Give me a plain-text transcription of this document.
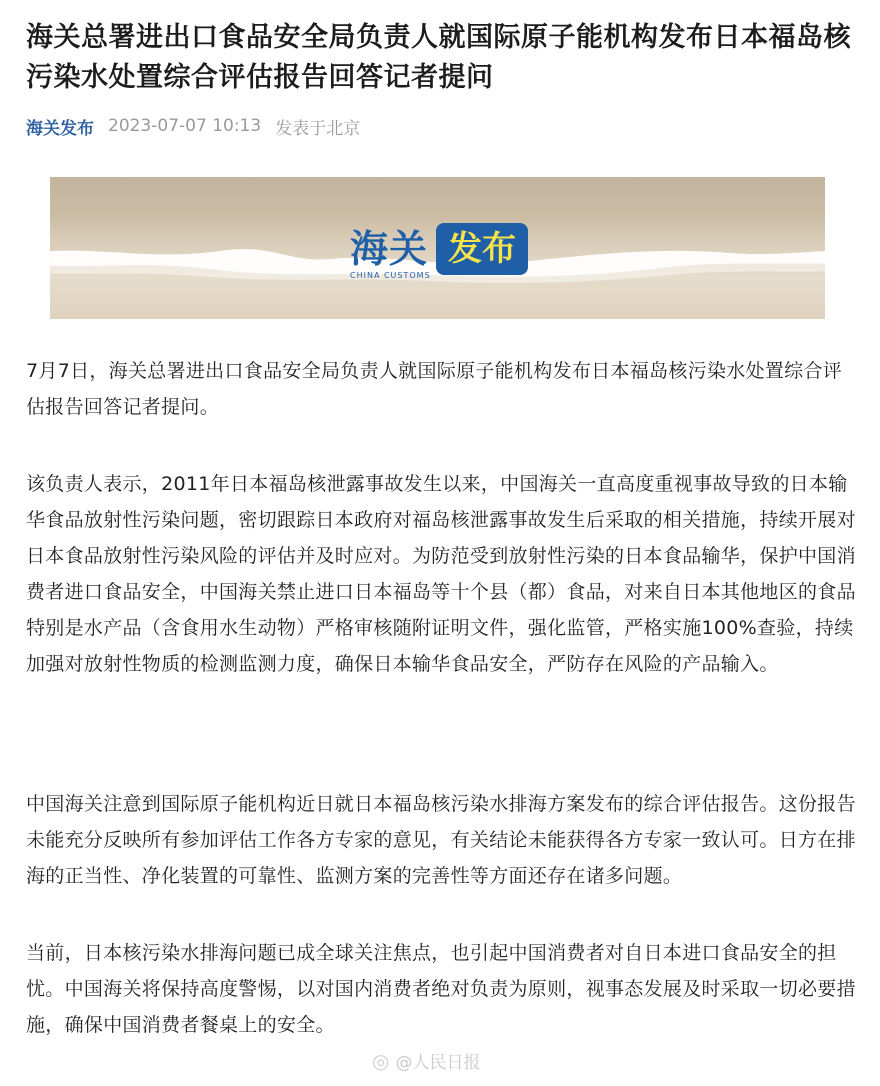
海关总署进出口食品安全局负责人就国际原子能机构发布日本福岛核污染水处置综合评估报告回答记者提问
海关发布 2023-07-07 10:13 发表于北京
海关 发布
CHINA CUSTOMS
7月7日，海关总署进出口食品安全局负责人就国际原子能机构发布日本福岛核污染水处置综合评估报告回答记者提问。
该负责人表示，2011年日本福岛核泄露事故发生以来，中国海关一直高度重视事故导致的日本输华食品放射性污染问题，密切跟踪日本政府对福岛核泄露事故发生后采取的相关措施，持续开展对日本食品放射性污染风险的评估并及时应对。为防范受到放射性污染的日本食品输华，保护中国消费者进口食品安全，中国海关禁止进口日本福岛等十个县（都）食品，对来自日本其他地区的食品特别是水产品（含食用水生动物）严格审核随附证明文件，强化监管，严格实施100%查验，持续加强对放射性物质的检测监测力度，确保日本输华食品安全，严防存在风险的产品输入。
中国海关注意到国际原子能机构近日就日本福岛核污染水排海方案发布的综合评估报告。这份报告未能充分反映所有参加评估工作各方专家的意见，有关结论未能获得各方专家一致认可。日方在排海的正当性、净化装置的可靠性、监测方案的完善性等方面还存在诸多问题。
当前，日本核污染水排海问题已成全球关注焦点，也引起中国消费者对自日本进口食品安全的担忧。中国海关将保持高度警惕，以对国内消费者绝对负责为原则，视事态发展及时采取一切必要措施，确保中国消费者餐桌上的安全。
◎ @人民日报
